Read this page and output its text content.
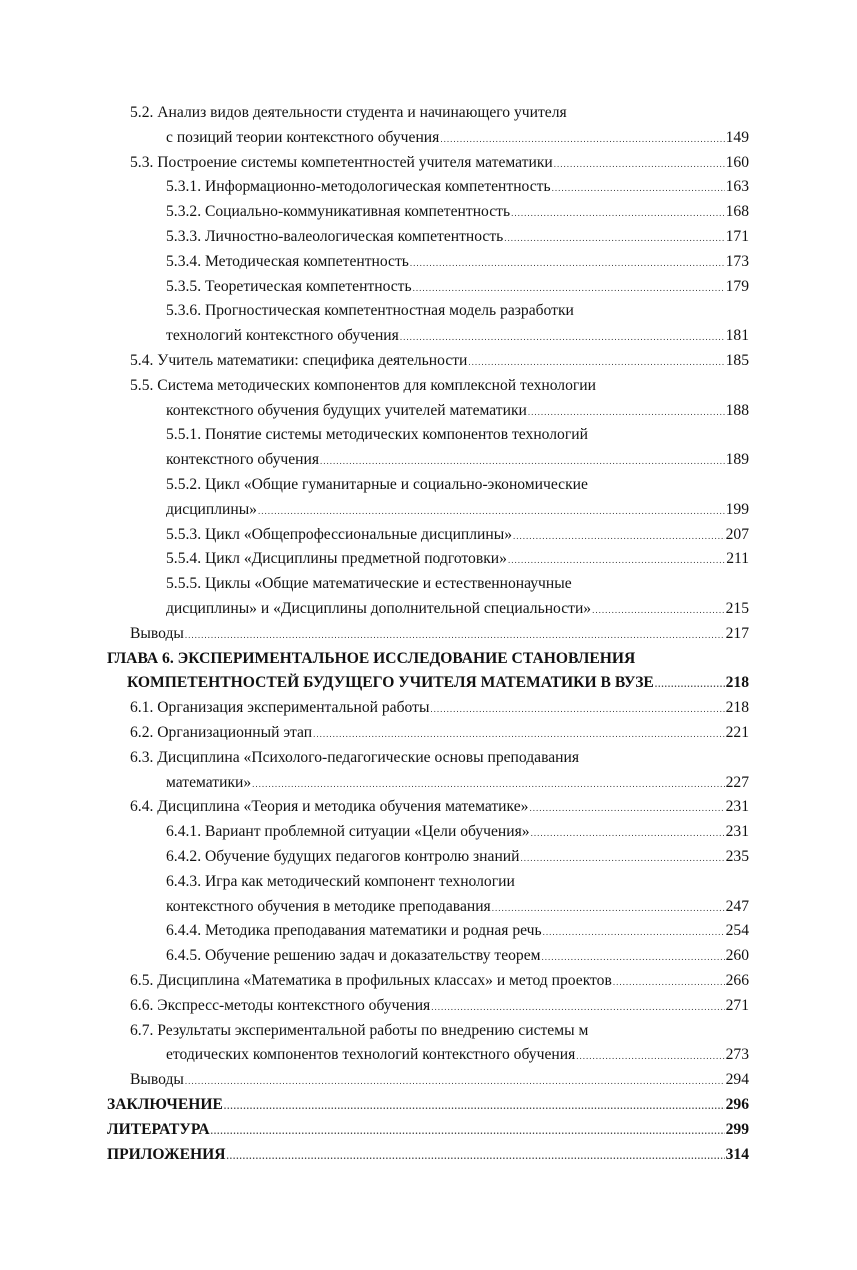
5.2. Анализ видов деятельности студента и начинающего учителя
с позиций теории контекстного обучения .....	149
5.3. Построение системы компетентностей учителя математики .....	160
5.3.1. Информационно-методологическая компетентность .....	163
5.3.2. Социально-коммуникативная компетентность .....	168
5.3.3. Личностно-валеологическая компетентность .....	171
5.3.4. Методическая компетентность .....	173
5.3.5. Теоретическая компетентность .....	179
5.3.6. Прогностическая компетентностная модель разработки
технологий контекстного обучения .....	181
5.4. Учитель математики: специфика деятельности .....	185
5.5. Система методических компонентов для комплексной технологии
контекстного обучения будущих учителей математики .....	188
5.5.1. Понятие системы методических компонентов технологий
контекстного обучения .....	189
5.5.2. Цикл «Общие гуманитарные и социально-экономические
дисциплины» .....	199
5.5.3. Цикл «Общепрофессиональные дисциплины» .....	207
5.5.4. Цикл «Дисциплины предметной подготовки» .....	211
5.5.5. Циклы «Общие математические и естественнонаучные
дисциплины» и «Дисциплины дополнительной специальности» .....	215
Выводы .....	217
ГЛАВА 6. ЭКСПЕРИМЕНТАЛЬНОЕ ИССЛЕДОВАНИЕ СТАНОВЛЕНИЯ
КОМПЕТЕНТНОСТЕЙ БУДУЩЕГО УЧИТЕЛЯ МАТЕМАТИКИ В ВУЗЕ .....	218
6.1. Организация экспериментальной работы .....	218
6.2. Организационный этап .....	221
6.3. Дисциплина «Психолого-педагогические основы преподавания
математики» .....	227
6.4. Дисциплина «Теория и методика обучения математике» .....	231
6.4.1. Вариант проблемной ситуации «Цели обучения» .....	231
6.4.2. Обучение будущих педагогов контролю знаний .....	235
6.4.3. Игра как методический компонент технологии
контекстного обучения в методике преподавания .....	247
6.4.4. Методика преподавания математики и родная речь .....	254
6.4.5. Обучение решению задач и доказательству теорем .....	260
6.5. Дисциплина «Математика в профильных классах» и метод проектов .....	266
6.6. Экспресс-методы контекстного обучения .....	271
6.7. Результаты экспериментальной работы по внедрению системы м
етодических компонентов технологий контекстного обучения .....	273
Выводы .....	294
ЗАКЛЮЧЕНИЕ .....	296
ЛИТЕРАТУРА .....	299
ПРИЛОЖЕНИЯ .....	314
